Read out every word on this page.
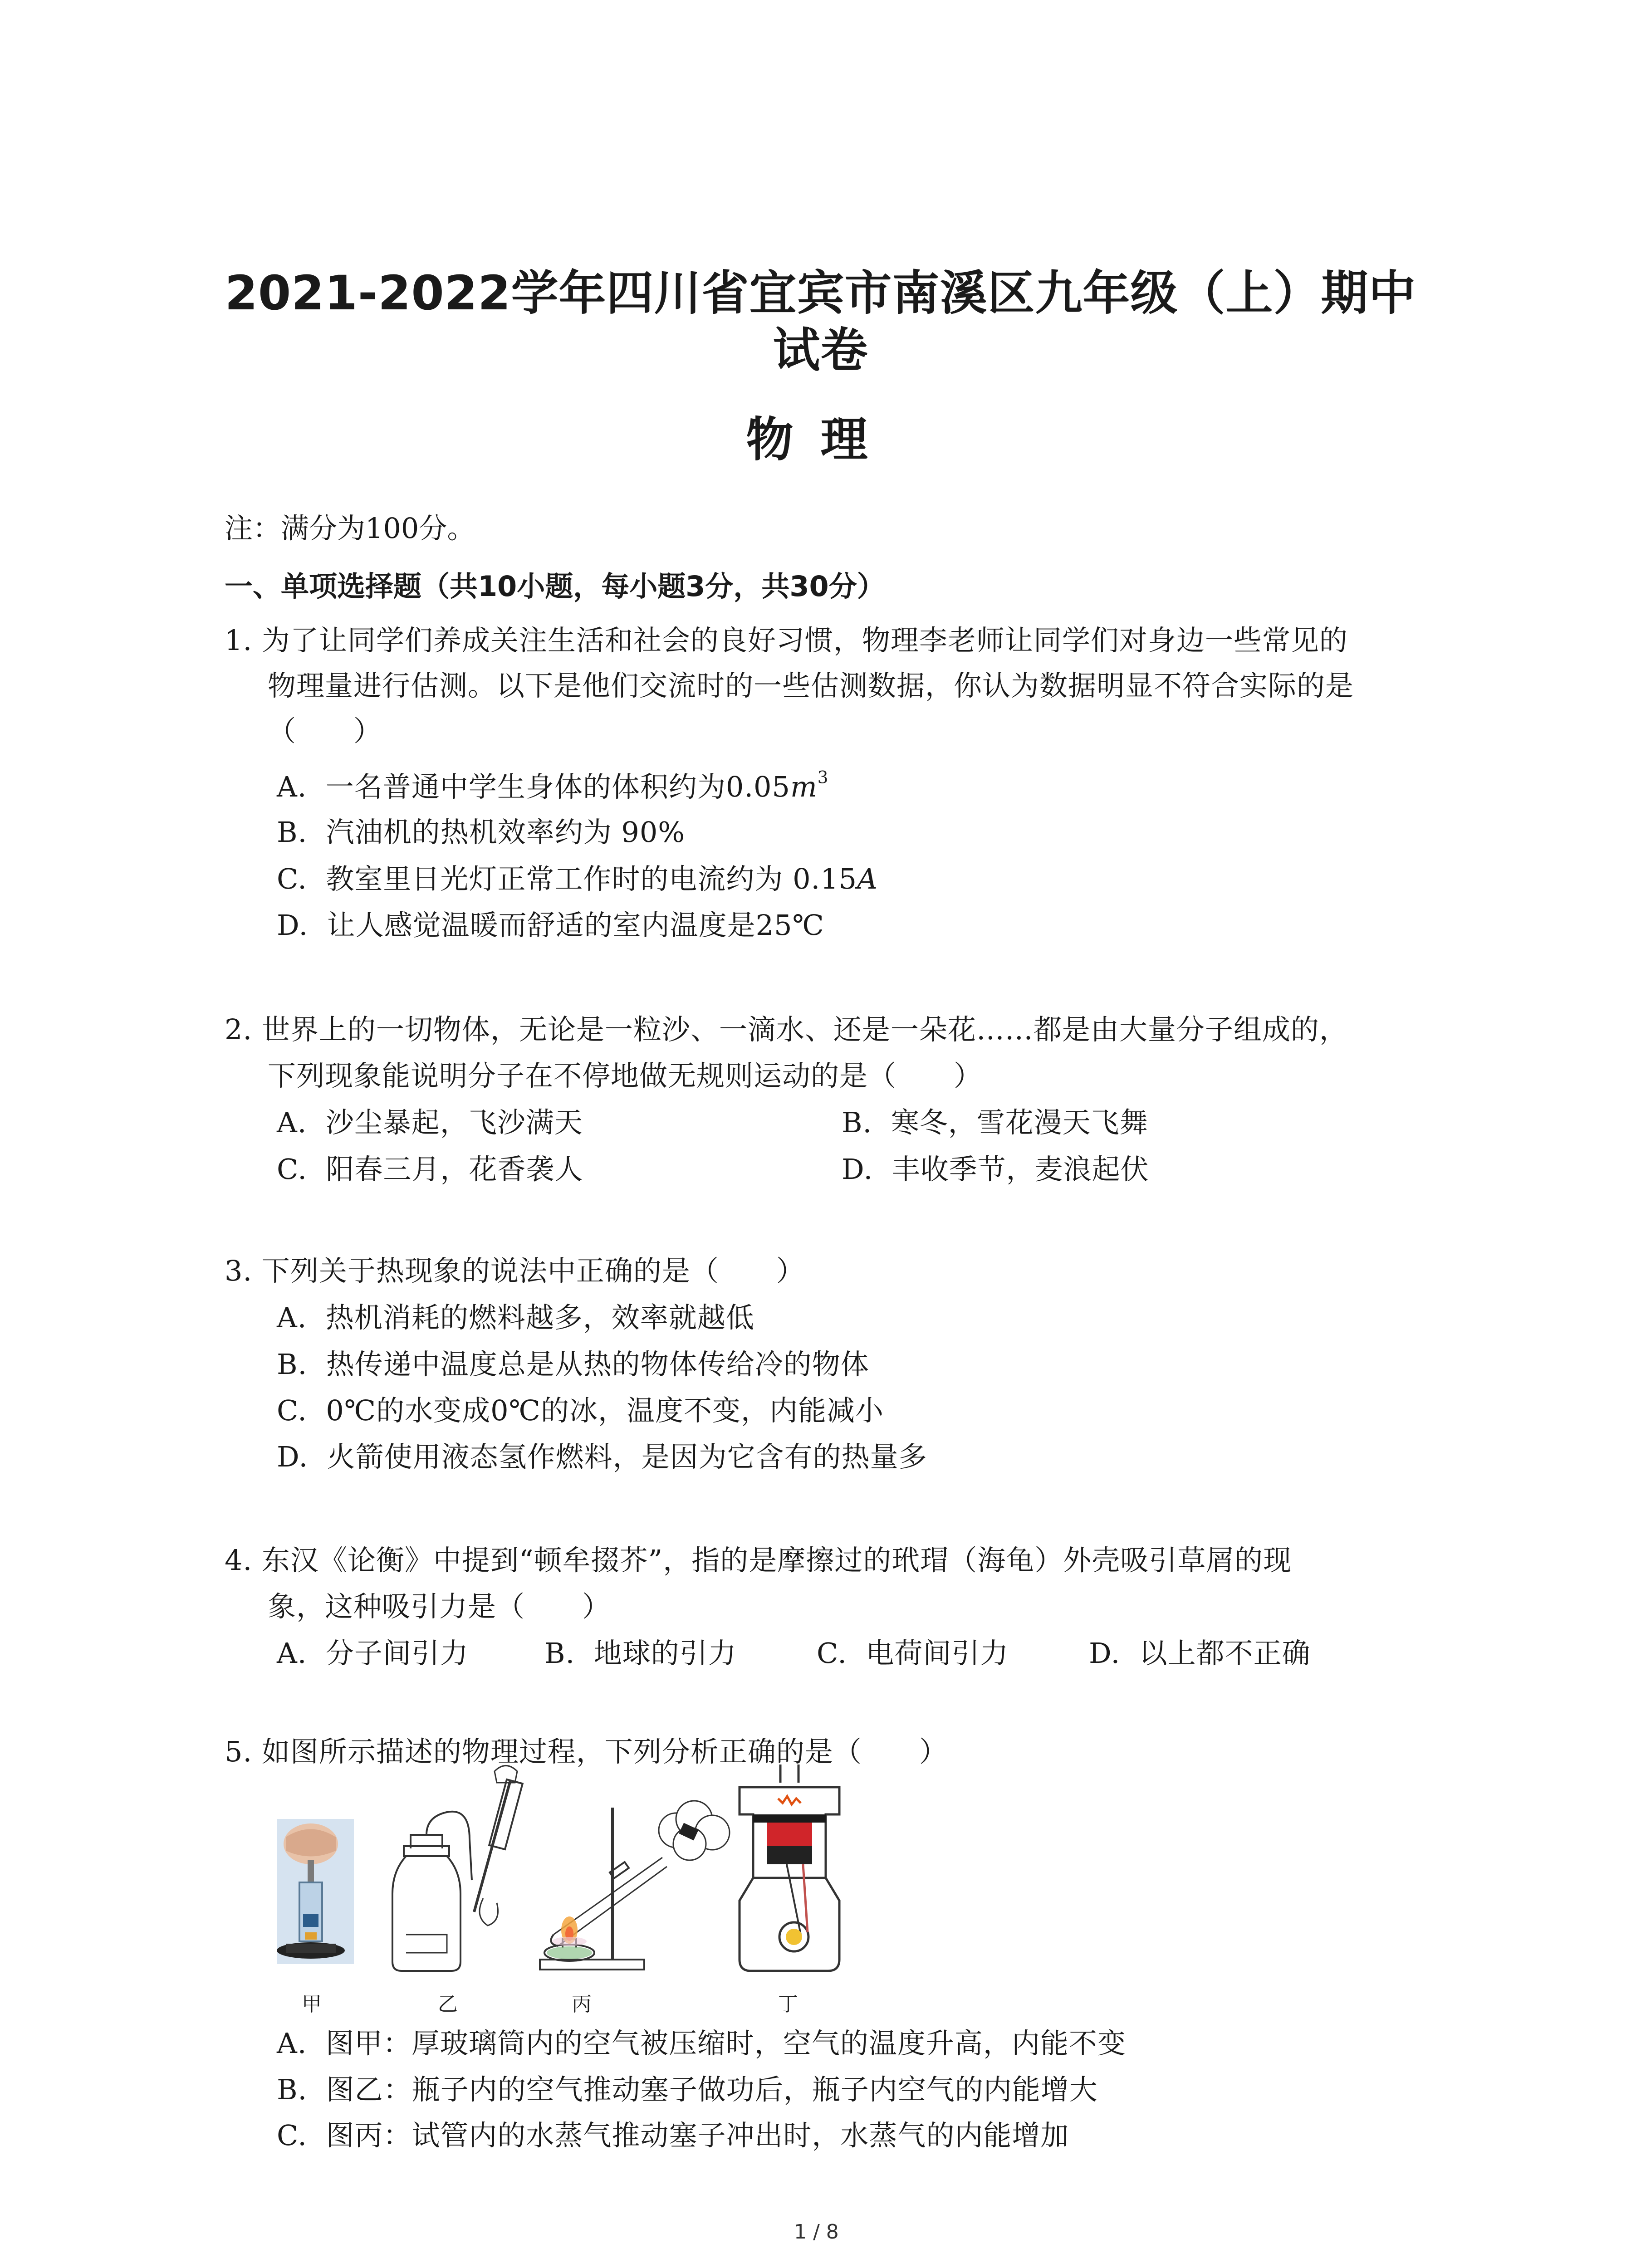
2021-2022学年四川省宜宾市南溪区九年级（上）期中
试卷
物理
注：满分为100分。
一、单项选择题（共10小题，每小题3分，共30分）
1. 为了让同学们养成关注生活和社会的良好习惯，物理李老师让同学们对身边一些常见的
物理量进行估测。以下是他们交流时的一些估测数据，你认为数据明显不符合实际的是
（　　）
A. 一名普通中学生身体的体积约为$0.05m^3$
B. 汽油机的热机效率约为 90%
C. 教室里日光灯正常工作时的电流约为 0.15A
D. 让人感觉温暖而舒适的室内温度是25℃
2. 世界上的一切物体，无论是一粒沙、一滴水、还是一朵花……都是由大量分子组成的，
下列现象能说明分子在不停地做无规则运动的是（　　）
A. 沙尘暴起，飞沙满天	B. 寒冬，雪花漫天飞舞
C. 阳春三月，花香袭人	D. 丰收季节，麦浪起伏
3. 下列关于热现象的说法中正确的是（　　）
A. 热机消耗的燃料越多，效率就越低
B. 热传递中温度总是从热的物体传给冷的物体
C. 0℃的水变成0℃的冰，温度不变，内能减小
D. 火箭使用液态氢作燃料，是因为它含有的热量多
4. 东汉《论衡》中提到“顿牟掇芥”，指的是摩擦过的玳瑁（海龟）外壳吸引草屑的现
象，这种吸引力是（　　）
A. 分子间引力	B. 地球的引力	C. 电荷间引力	D. 以上都不正确
5. 如图所示描述的物理过程，下列分析正确的是（　　）
甲	乙	丙	丁
A. 图甲：厚玻璃筒内的空气被压缩时，空气的温度升高，内能不变
B. 图乙：瓶子内的空气推动塞子做功后，瓶子内空气的内能增大
C. 图丙：试管内的水蒸气推动塞子冲出时，水蒸气的内能增加
1 / 8
